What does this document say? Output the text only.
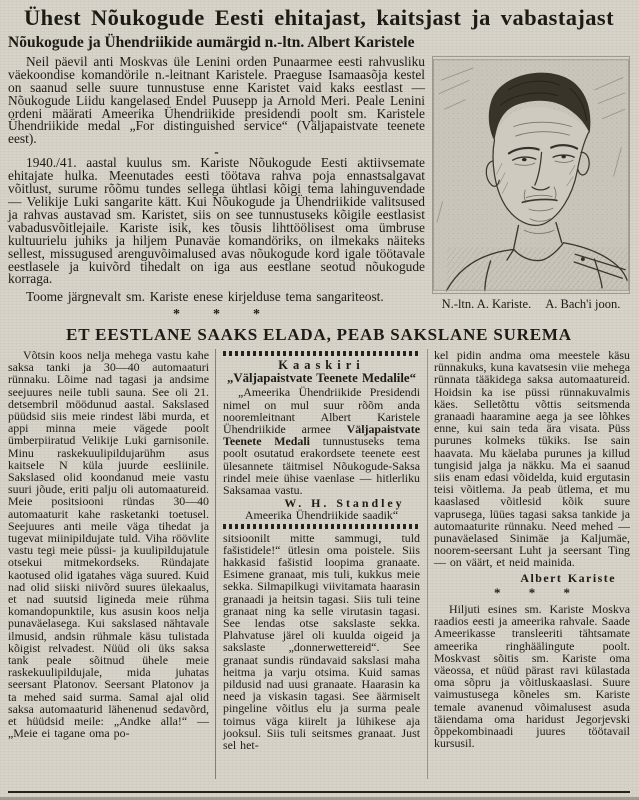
Ühest Nõukogude Eesti ehitajast, kaitsjast ja vabastajast
Nõukogude ja Ühendriikide aumärgid n.-ltn. Albert Karistele

Neil päevil anti Moskvas üle Lenini orden Punaarmee eesti rahvusliku väekoondise komandörile n.-leitnant Karistele. Praeguse Isamaasõja kestel on saanud selle suure tunnustuse enne Karistet vaid kaks eestlast — Nõukogude Liidu kangelased Endel Puusepp ja Arnold Meri. Peale Lenini ordeni määrati Ameerika Ühendriikide presidendi poolt sm. Karistele Ühendriikide medal „For distinguished service“ (Väljapaistvate teenete eest).

-

1940./41. aastal kuulus sm. Kariste Nõukogude Eesti aktiivsemate ehitajate hulka. Meenutades eesti töötava rahva poja ennastsalgavat võitlust, surume rõõmu tundes sellega ühtlasi kõigi tema lahinguvendade — Velikije Luki sangarite kätt. Kui Nõukogude ja Ühendriikide valitsused ja rahvas austavad sm. Karistet, siis on see tunnustuseks kõigile eestlasist vabadusvõitlejaile. Kariste isik, kes tõusis lihttöölisest oma ümbruse kultuurielu juhiks ja hiljem Punaväe komandöriks, on ilmekaks näiteks sellest, missugused arenguvõimalused avas nõukogude kord igale töötavale eestlasele ja kuivõrd tihedalt on iga aus eestlane seotud nõukogude korraga.

Toome järgnevalt sm. Kariste enese kirjelduse tema sangariteost.

* * *

N.-ltn. A. Kariste. A. Bach'i joon.
ET EESTLANE SAAKS ELADA, PEAB SAKSLANE SUREMA

Võtsin koos nelja mehega vastu kahe saksa tanki ja 30—40 automaaturi rünnaku. Lõime nad tagasi ja andsime seejuures neile tubli sauna. See oli 21. detsembril möödunud aastal. Sakslased püüdsid siis meie rindest läbi murda, et appi minna meie vägede poolt ümberpiiratud Velikije Luki garnisonile. Minu raskekuulipildujarühm asus kaitsele N küla juurde eesliinile. Sakslased olid koondanud meie vastu suuri jõude, eriti palju oli automaatureid. Meie positsiooni ründas 30—40 automaaturit kahe rasketanki toetusel. Seejuures anti meile väga tihedat ja tugevat miinipildujate tuld. Viha röövlite vastu tegi meie püssi- ja kuulipildujatule otsekui mitmekordseks. Ründajate kaotused olid igatahes väga suured. Kuid nad olid siiski niivõrd suures ülekaalus, et nad suutsid ligineda meie rühma komandopunktile, kus asusin koos nelja punaväelasega. Kui sakslased nähtavale ilmusid, andsin rühmale käsu tulistada kõigist relvadest. Nüüd oli üks saksa tank peale sõitnud ühele meie raskekuulipildujale, mida juhatas seersant Platonov. Seersant Platonov ja ta mehed said surma. Samal ajal olid saksa automaaturid lähenenud sedavõrd, et hüüdsid meile: „Andke alla!“ — „Meie ei tagane oma po-

Kaaskiri
„Väljapaistvate Teenete Medalile“

„Ameerika Ühendriikide Presidendi nimel on mul suur rõõm anda nooremleitnant Albert Karistele Ühendriikide armee Väljapaistvate Teenete Medali tunnustuseks tema poolt osutatud erakordsete teenete eest ülesannete täitmisel Nõukogude-Saksa rindel meie ühise vaenlase — hitlerliku Saksamaa vastu.

W. H. Standley
Ameerika Ühendriikide saadik“

sitsioonilt mitte sammugi, tuld fašistidele!“ ütlesin oma poistele. Siis hakkasid fašistid loopima granaate. Esimene granaat, mis tuli, kukkus meie sekka. Silmapilkugi viivitamata haarasin granaadi ja heitsin tagasi. Siis tuli teine granaat ning ka selle virutasin tagasi. See lendas otse sakslaste sekka. Plahvatuse järel oli kuulda oigeid ja sakslaste „donnerwettereid“. See granaat sundis ründavaid sakslasi maha heitma ja varju otsima. Kuid samas pildusid nad uusi granaate. Haarasin ka need ja viskasin tagasi. See äärmiselt pingeline võitlus elu ja surma peale toimus väga kiirelt ja lühikese aja jooksul. Siis tuli seitsmes granaat. Just sel het-

kel pidin andma oma meestele käsu rünnakuks, kuna kavatsesin viie mehega rünnata tääkidega saksa automaatureid. Hoidsin ka ise püssi rünnakuvalmis käes. Selletõttu võttis seitsmenda granaadi haaramine aega ja see lõhkes enne, kui sain teda ära visata. Püss purunes kolmeks tükiks. Ise sain haavata. Mu käelaba purunes ja killud tungisid jalga ja näkku. Ma ei saanud siis enam edasi võidelda, kuid ergutasin teisi võitlema. Ja peab ütlema, et mu kaaslased võitlesid kõik suure vaprusega, lüües tagasi saksa tankide ja automaaturite rünnaku. Need mehed — punaväelased Sinimäe ja Kaljumäe, noorem-seersant Luht ja seersant Ting — on väärt, et neid mainida.

Albert Kariste
* * *

Hiljuti esines sm. Kariste Moskva raadios eesti ja ameerika rahvale. Saade Ameerikasse transleeriti tähtsamate ameerika ringhäälingute poolt. Moskvast sõitis sm. Kariste oma väeossa, et nüüd pärast ravi külastada oma sõpru ja võitluskaaslasi. Suure vaimustusega kõneles sm. Kariste temale avanenud võimalusest asuda täiendama oma haridust Jegorjevski õppekombinaadi juures töötavail kursusil.
